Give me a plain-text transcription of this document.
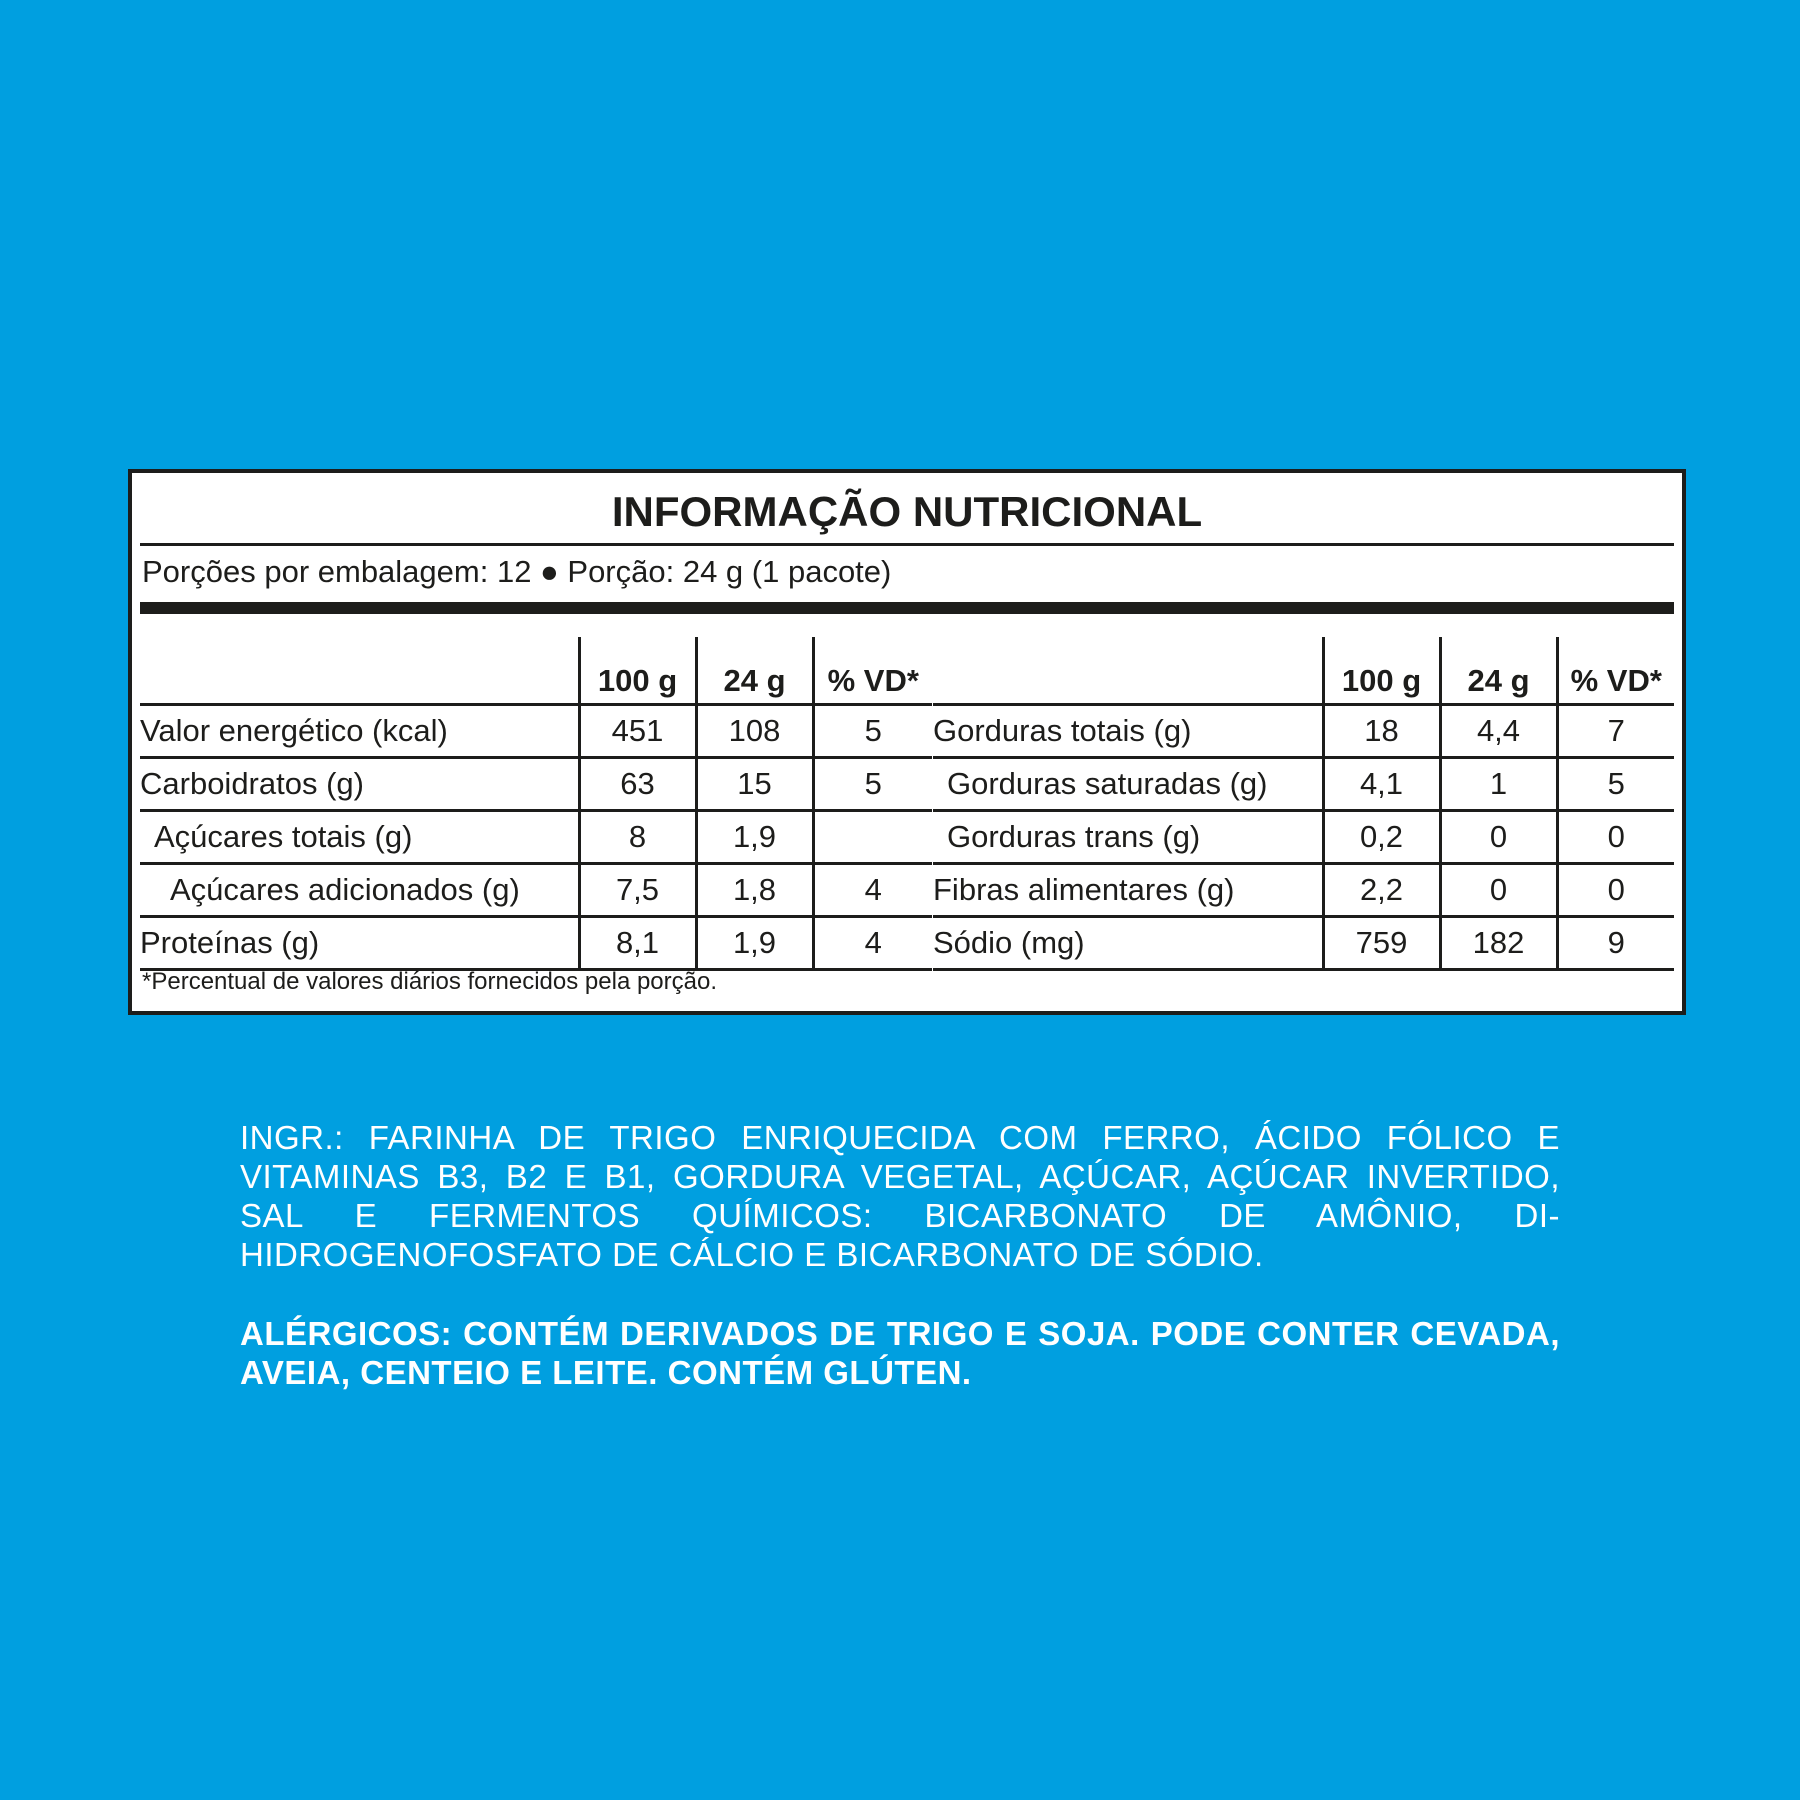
INFORMAÇÃO NUTRICIONAL
Porções por embalagem: 12 ● Porção: 24 g (1 pacote)
	100 g	24 g	% VD*
Valor energético (kcal)	451	108	5
Carboidratos (g)	63	15	5
Açúcares totais (g)	8	1,9	
Açúcares adicionados (g)	7,5	1,8	4
Proteínas (g)	8,1	1,9	4
	100 g	24 g	% VD*
Gorduras totais (g)	18	4,4	7
Gorduras saturadas (g)	4,1	1	5
Gorduras trans (g)	0,2	0	0
Fibras alimentares (g)	2,2	0	0
Sódio (mg)	759	182	9
*Percentual de valores diários fornecidos pela porção.
INGR.: FARINHA DE TRIGO ENRIQUECIDA COM FERRO, ÁCIDO FÓLICO E VITAMINAS B3, B2 E B1, GORDURA VEGETAL, AÇÚCAR, AÇÚCAR INVERTIDO, SAL E FERMENTOS QUÍMICOS: BICARBONATO DE AMÔNIO, DI-HIDROGENOFOSFATO DE CÁLCIO E BICARBONATO DE SÓDIO.
ALÉRGICOS: CONTÉM DERIVADOS DE TRIGO E SOJA. PODE CONTER CEVADA, AVEIA, CENTEIO E LEITE. CONTÉM GLÚTEN.
